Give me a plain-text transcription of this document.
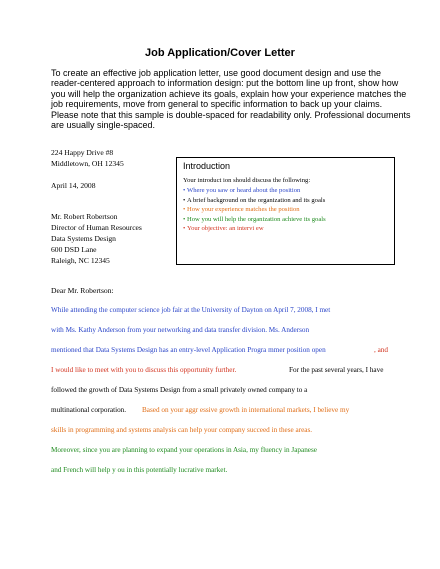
Job Application/Cover Letter
To create an effective job application letter, use good document design and use the
reader-centered approach to information design: put the bottom line up front, show how
you will help the organization achieve its goals, explain how your experience matches the
job requirements, move from general to specific information to back up your claims.
Please note that this sample is double-spaced for readability only. Professional documents
are usually single-spaced.
224 Happy Drive #8
Middletown, OH 12345
April 14, 2008
Mr. Robert Robertson
Director of Human Resources
Data Systems Design
600 DSD Lane
Raleigh, NC 12345
Introduction
Your introduct ion should discuss the following:
• Where you saw or heard about the position
• A brief background on the organization and its goals
• How your experience matches the position
• How you will help the organization achieve its goals
• Your objective: an intervi ew
Dear Mr. Robertson:
While attending the computer science job fair at the University of Dayton on April 7, 2008, I met
with Ms. Kathy Anderson from your networking and data transfer division. Ms. Anderson
mentioned that Data Systems Design has an entry-level Application Progra mmer position open	, and
I would like to meet with you to discuss this opportunity further.	For the past several years, I have
followed the growth of Data Systems Design from a small privately owned company to a
multinational corporation. Based on your aggr essive growth in international markets, I believe my
skills in programming and systems analysis can help your company succeed in these areas.
Moreover, since you are planning to expand your operations in Asia, my fluency in Japanese
and French will help y ou in this potentially lucrative market.
